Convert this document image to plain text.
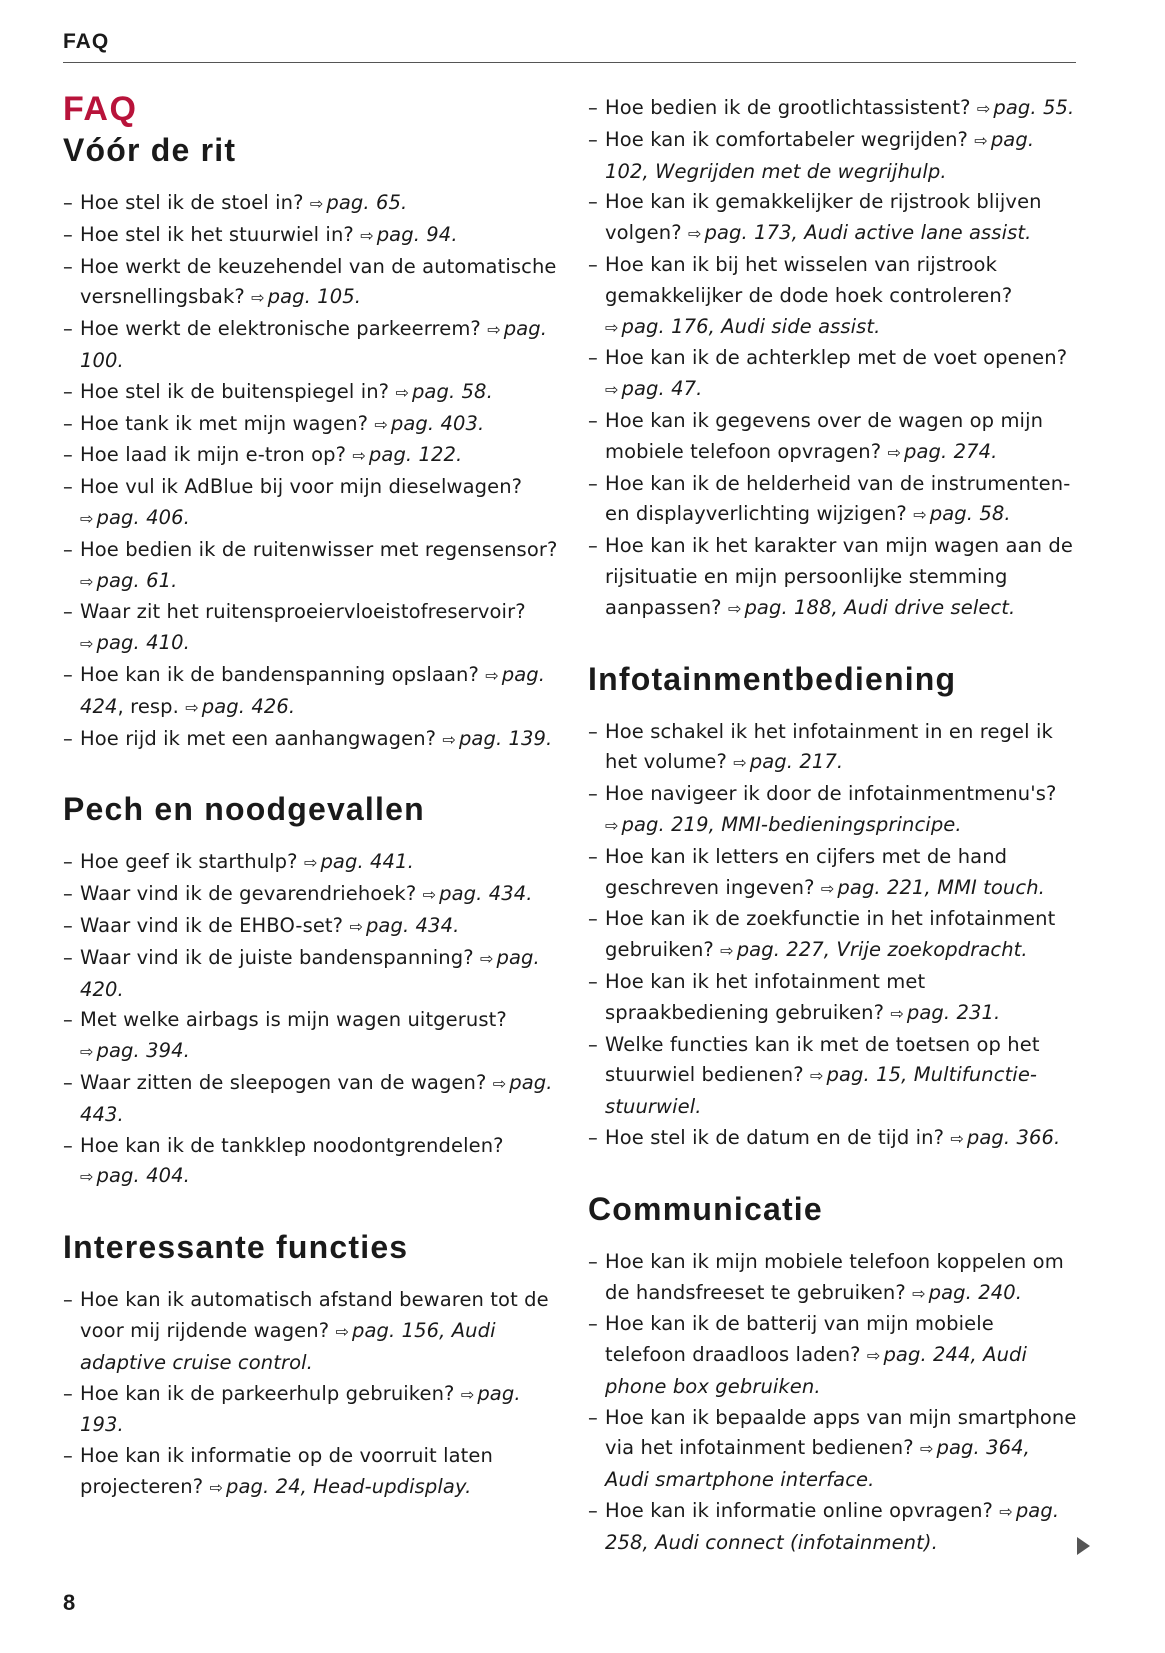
FAQ
FAQ
Vóór de rit
– Hoe stel ik de stoel in? ⇨ pag. 65.
– Hoe stel ik het stuurwiel in? ⇨ pag. 94.
– Hoe werkt de keuzehendel van de automatische versnellingsbak? ⇨ pag. 105.
– Hoe werkt de elektronische parkeerrem? ⇨ pag. 100.
– Hoe stel ik de buitenspiegel in? ⇨ pag. 58.
– Hoe tank ik met mijn wagen? ⇨ pag. 403.
– Hoe laad ik mijn e-tron op? ⇨ pag. 122.
– Hoe vul ik AdBlue bij voor mijn dieselwagen? ⇨ pag. 406.
– Hoe bedien ik de ruitenwisser met regensensor? ⇨ pag. 61.
– Waar zit het ruitensproeiervloeistofreservoir? ⇨ pag. 410.
– Hoe kan ik de bandenspanning opslaan? ⇨ pag. 424, resp. ⇨ pag. 426.
– Hoe rijd ik met een aanhangwagen? ⇨ pag. 139.
Pech en noodgevallen
– Hoe geef ik starthulp? ⇨ pag. 441.
– Waar vind ik de gevarendriehoek? ⇨ pag. 434.
– Waar vind ik de EHBO-set? ⇨ pag. 434.
– Waar vind ik de juiste bandenspanning? ⇨ pag. 420.
– Met welke airbags is mijn wagen uitgerust? ⇨ pag. 394.
– Waar zitten de sleepogen van de wagen? ⇨ pag. 443.
– Hoe kan ik de tankklep noodontgrendelen? ⇨ pag. 404.
Interessante functies
– Hoe kan ik automatisch afstand bewaren tot de voor mij rijdende wagen? ⇨ pag. 156, Audi adaptive cruise control.
– Hoe kan ik de parkeerhulp gebruiken? ⇨ pag. 193.
– Hoe kan ik informatie op de voorruit laten projecteren? ⇨ pag. 24, Head-updisplay.
– Hoe bedien ik de grootlichtassistent? ⇨ pag. 55.
– Hoe kan ik comfortabeler wegrijden? ⇨ pag. 102, Wegrijden met de wegrijhulp.
– Hoe kan ik gemakkelijker de rijstrook blijven volgen? ⇨ pag. 173, Audi active lane assist.
– Hoe kan ik bij het wisselen van rijstrook gemakkelijker de dode hoek controleren? ⇨ pag. 176, Audi side assist.
– Hoe kan ik de achterklep met de voet openen? ⇨ pag. 47.
– Hoe kan ik gegevens over de wagen op mijn mobiele telefoon opvragen? ⇨ pag. 274.
– Hoe kan ik de helderheid van de instrumenten- en displayverlichting wijzigen? ⇨ pag. 58.
– Hoe kan ik het karakter van mijn wagen aan de rijsituatie en mijn persoonlijke stemming aanpassen? ⇨ pag. 188, Audi drive select.
Infotainmentbediening
– Hoe schakel ik het infotainment in en regel ik het volume? ⇨ pag. 217.
– Hoe navigeer ik door de infotainmentmenu's? ⇨ pag. 219, MMI-bedieningsprincipe.
– Hoe kan ik letters en cijfers met de hand geschreven ingeven? ⇨ pag. 221, MMI touch.
– Hoe kan ik de zoekfunctie in het infotainment gebruiken? ⇨ pag. 227, Vrije zoekopdracht.
– Hoe kan ik het infotainment met spraakbediening gebruiken? ⇨ pag. 231.
– Welke functies kan ik met de toetsen op het stuurwiel bedienen? ⇨ pag. 15, Multifunctie-stuurwiel.
– Hoe stel ik de datum en de tijd in? ⇨ pag. 366.
Communicatie
– Hoe kan ik mijn mobiele telefoon koppelen om de handsfreeset te gebruiken? ⇨ pag. 240.
– Hoe kan ik de batterij van mijn mobiele telefoon draadloos laden? ⇨ pag. 244, Audi phone box gebruiken.
– Hoe kan ik bepaalde apps van mijn smartphone via het infotainment bedienen? ⇨ pag. 364, Audi smartphone interface.
– Hoe kan ik informatie online opvragen? ⇨ pag. 258, Audi connect (infotainment).
8
